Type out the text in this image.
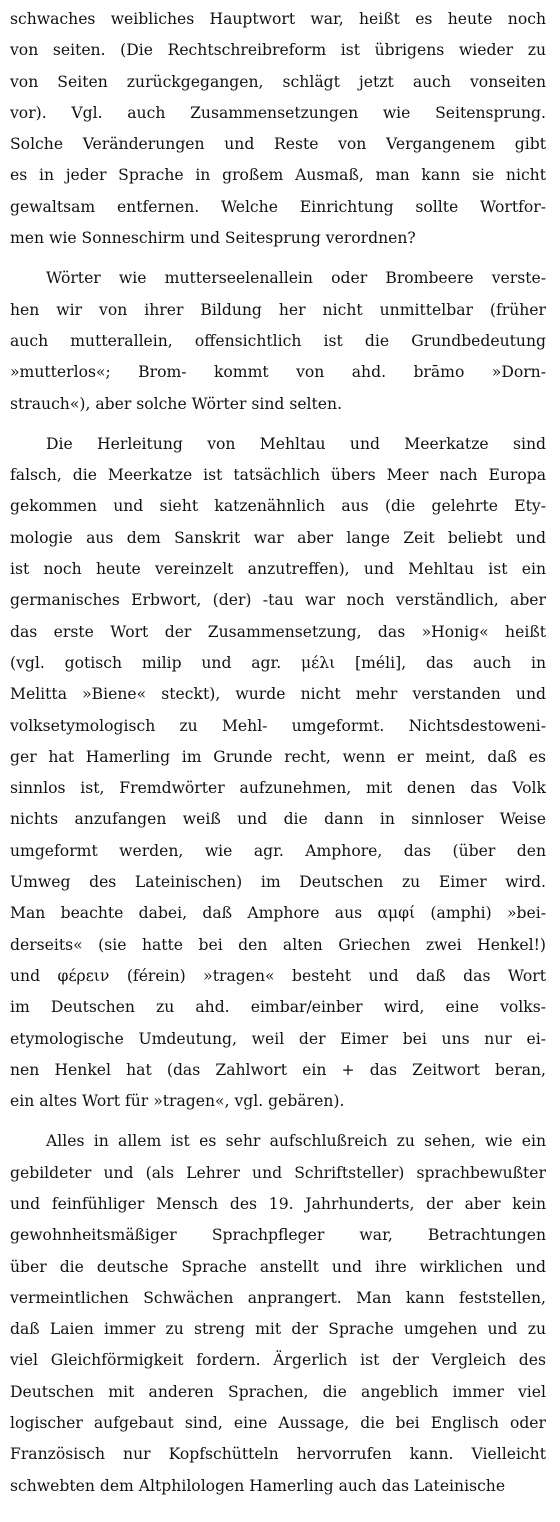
schwaches weibliches Hauptwort war, heißt es heute noch
von seiten. (Die Rechtschreibreform ist übrigens wieder zu
von Seiten zurückgegangen, schlägt jetzt auch vonseiten
vor). Vgl. auch Zusammensetzungen wie Seitensprung.
Solche Veränderungen und Reste von Vergangenem gibt
es in jeder Sprache in großem Ausmaß, man kann sie nicht
gewaltsam entfernen. Welche Einrichtung sollte Wortfor-
men wie Sonneschirm und Seitesprung verordnen?
Wörter wie mutterseelenallein oder Brombeere verste-
hen wir von ihrer Bildung her nicht unmittelbar (früher
auch mutterallein, offensichtlich ist die Grundbedeutung
»mutterlos«; Brom- kommt von ahd. brāmo »Dorn-
strauch«), aber solche Wörter sind selten.
Die Herleitung von Mehltau und Meerkatze sind
falsch, die Meerkatze ist tatsächlich übers Meer nach Europa
gekommen und sieht katzenähnlich aus (die gelehrte Ety-
mologie aus dem Sanskrit war aber lange Zeit beliebt und
ist noch heute vereinzelt anzutreffen), und Mehltau ist ein
germanisches Erbwort, (der) -tau war noch verständlich, aber
das erste Wort der Zusammensetzung, das »Honig« heißt
(vgl. gotisch milip und agr. μέλι [méli], das auch in
Melitta »Biene« steckt), wurde nicht mehr verstanden und
volksetymologisch zu Mehl- umgeformt. Nichtsdestoweni-
ger hat Hamerling im Grunde recht, wenn er meint, daß es
sinnlos ist, Fremdwörter aufzunehmen, mit denen das Volk
nichts anzufangen weiß und die dann in sinnloser Weise
umgeformt werden, wie agr. Amphore, das (über den
Umweg des Lateinischen) im Deutschen zu Eimer wird.
Man beachte dabei, daß Amphore aus αμφί (amphi) »bei-
derseits« (sie hatte bei den alten Griechen zwei Henkel!)
und φέρειν (férein) »tragen« besteht und daß das Wort
im Deutschen zu ahd. eimbar/einber wird, eine volks-
etymologische Umdeutung, weil der Eimer bei uns nur ei-
nen Henkel hat (das Zahlwort ein + das Zeitwort beran,
ein altes Wort für »tragen«, vgl. gebären).
Alles in allem ist es sehr aufschlußreich zu sehen, wie ein
gebildeter und (als Lehrer und Schriftsteller) sprachbewußter
und feinfühliger Mensch des 19. Jahrhunderts, der aber kein
gewohnheitsmäßiger Sprachpfleger war, Betrachtungen
über die deutsche Sprache anstellt und ihre wirklichen und
vermeintlichen Schwächen anprangert. Man kann feststellen,
daß Laien immer zu streng mit der Sprache umgehen und zu
viel Gleichförmigkeit fordern. Ärgerlich ist der Vergleich des
Deutschen mit anderen Sprachen, die angeblich immer viel
logischer aufgebaut sind, eine Aussage, die bei Englisch oder
Französisch nur Kopfschütteln hervorrufen kann. Vielleicht
schwebten dem Altphilologen Hamerling auch das Lateinische
